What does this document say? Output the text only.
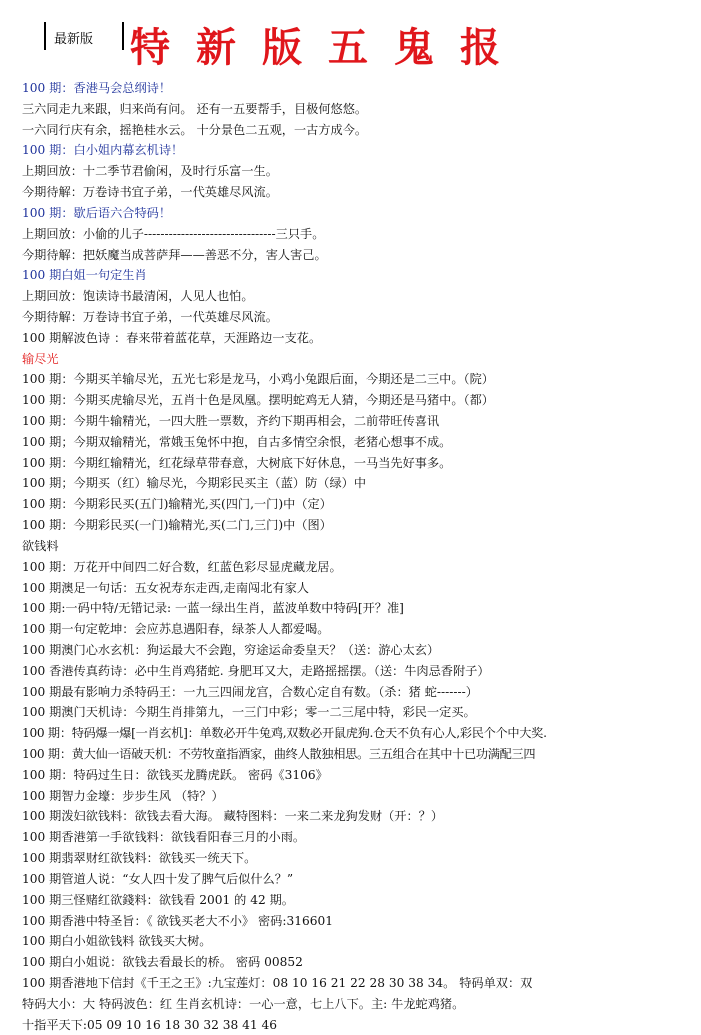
最新版 特新版五鬼报
100 期：香港马会总纲诗！
三六同走九来跟，归来尚有问。 还有一五要帮手，目极何悠悠。
一六同行庆有余，摇艳桂水云。 十分景色二五观，一古方成今。
100 期：白小姐内幕玄机诗！
上期回放：十二季节君偷闲，及时行乐富一生。
今期待解：万卷诗书宜子弟，一代英雄尽风流。
100 期：歇后语六合特码！
上期回放：小偷的儿子--------------------------------三只手。
今期待解：把妖魔当成菩萨拜——善恶不分，害人害己。
100 期白姐一句定生肖
上期回放：饱读诗书最清闲，人见人也怕。
今期待解：万卷诗书宜子弟，一代英雄尽风流。
100 期解波色诗 ：春来带着蓝花草，天涯路边一支花。
输尽光
100 期：今期买羊输尽光，五光七彩是龙马，小鸡小兔跟后面，今期还是二三中。（院）
100 期：今期买虎输尽光，五肖十色是凤凰。摆明蛇鸡无人猜，今期还是马猪中。（都）
100 期：今期牛输精光，一四大胜一票数，齐约下期再相会，二前带旺传喜讯
100 期；今期双输精光，常娥玉兔怀中抱，自古多情空余恨，老猪心想事不成。
100 期：今期红输精光，红花绿草带春意，大树底下好休息，一马当先好事多。
100 期；今期买（红）输尽光，今期彩民买主（蓝）防（绿）中
100 期：今期彩民买(五门)输精光,买(四门,一门)中（定）
100 期：今期彩民买(一门)输精光,买(二门,三门)中（图）
欲钱料
100 期：万花开中间四二好合数，红蓝色彩尽显虎藏龙居。
100 期澳足一句话：五女祝寿东走西,走南闯北有家人
100 期:一码中特/无错记录: 一蓝一绿出生肖，蓝波单数中特码[开？准]
100 期一句定乾坤：会应苏息遇阳春，绿茶人人都爱喝。
100 期澳门心水玄机：狗运最大不会跑，穷途运命委皇天？（送：游心太玄）
100 香港传真药诗：必中生肖鸡猪蛇. 身肥耳又大，走路摇摇摆。（送：牛肉忌香附子）
100 期最有影响力杀特码王：一九三四闹龙宫，合数心定自有数。（杀：猪 蛇-------）
100 期澳门天机诗：今期生肖排第九，一三门中彩；零一二三尾中特，彩民一定买。
100 期：特码爆一爆[一肖玄机]：单数必开牛兔鸡,双数必开鼠虎狗.仓天不负有心人,彩民个个中大奖.
100 期：黄大仙一语破天机：不劳牧童指酒家，曲终人散独相思。三五组合在其中十已功满配三四
100 期：特码过生日：欲钱买龙腾虎跃。 密码《3106》
100 期智力金壕：步步生风 （特？）
100 期泼妇欲钱料：欲钱去看大海。 藏特图料：一来二来龙狗发财（开：？）
100 期香港第一手欲钱料：欲钱看阳春三月的小雨。
100 期翡翠财红欲钱料：欲钱买一统天下。
100 期管道人说：“女人四十发了脾气后似什么？”
100 期三怪赌红欲錢料：欲钱看 2001 的 42 期。
100 期香港中特圣旨：《 欲钱买老大不小》 密码:316601
100 期白小姐欲钱料 欲钱买大树。
100 期白小姐说：欲钱去看最长的桥。 密码 00852
100 期香港地下信封《千王之王》:九宝莲灯：08 10 16 21 22 28 30 38 34。 特码单双：双
特码大小：大 特码波色：红 生肖玄机诗：一心一意，七上八下。主: 牛龙蛇鸡猪。
十指平天下:05 09 10 16 18 30 32 38 41 46
